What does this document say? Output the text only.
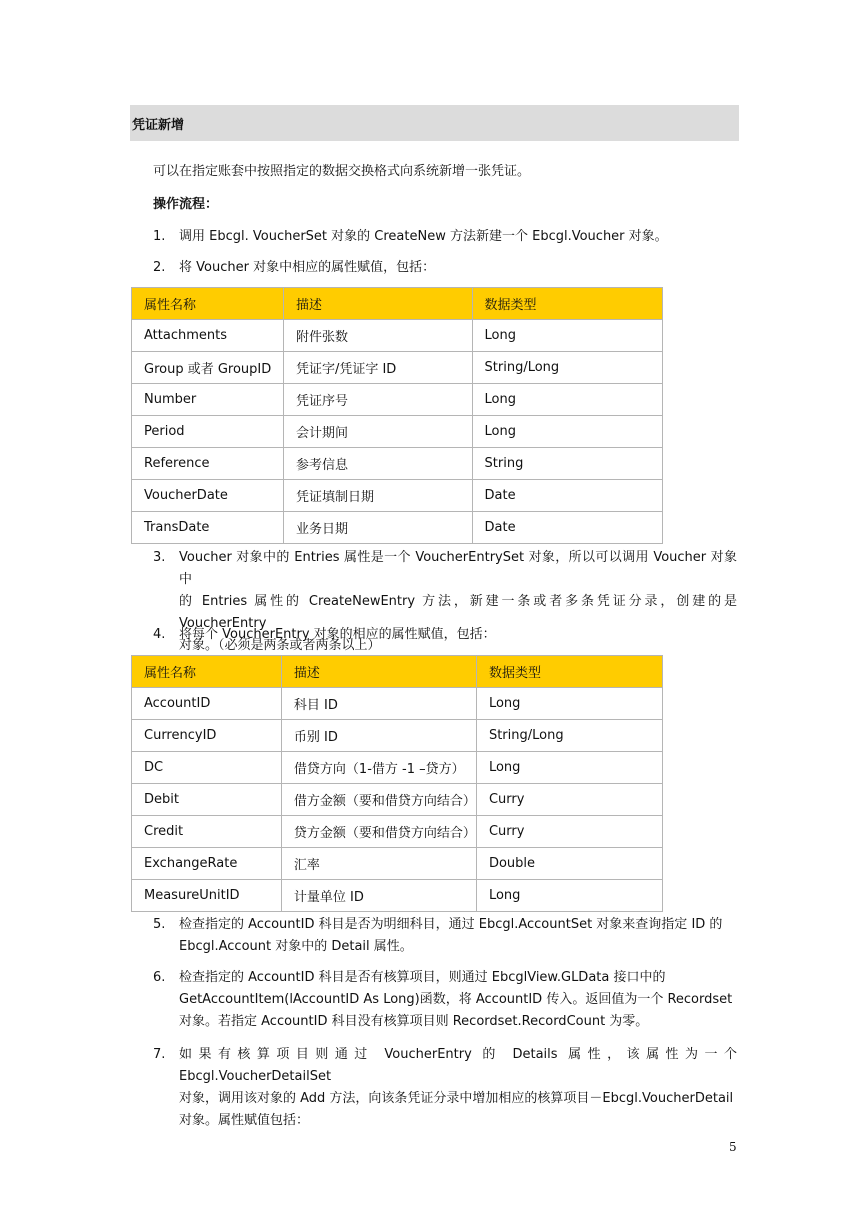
凭证新增
可以在指定账套中按照指定的数据交换格式向系统新增一张凭证。
操作流程：
1.	调用 Ebcgl. VoucherSet 对象的 CreateNew 方法新建一个 Ebcgl.Voucher 对象。
2.	将 Voucher 对象中相应的属性赋值，包括：
属性名称	描述	数据类型
Attachments	附件张数	Long
Group 或者 GroupID	凭证字/凭证字 ID	String/Long
Number	凭证序号	Long
Period	会计期间	Long
Reference	参考信息	String
VoucherDate	凭证填制日期	Date
TransDate	业务日期	Date
3.	Voucher 对象中的 Entries 属性是一个 VoucherEntrySet 对象，所以可以调用 Voucher 对象中
的 Entries 属性的 CreateNewEntry 方法，新建一条或者多条凭证分录，创建的是 VoucherEntry
对象。（必须是两条或者两条以上）
4.	将每个 VoucherEntry 对象的相应的属性赋值，包括：
属性名称	描述	数据类型
AccountID	科目 ID	Long
CurrencyID	币别 ID	String/Long
DC	借贷方向（1-借方 -1 –贷方）	Long
Debit	借方金额（要和借贷方向结合）	Curry
Credit	贷方金额（要和借贷方向结合）	Curry
ExchangeRate	汇率	Double
MeasureUnitID	计量单位 ID	Long
5.	检查指定的 AccountID 科目是否为明细科目，通过 Ebcgl.AccountSet 对象来查询指定 ID 的
Ebcgl.Account 对象中的 Detail 属性。
6.	检查指定的 AccountID 科目是否有核算项目，则通过 EbcglView.GLData 接口中的
GetAccountItem(lAccountID As Long)函数，将 AccountID 传入。返回值为一个 Recordset
对象。若指定 AccountID 科目没有核算项目则 Recordset.RecordCount 为零。
7.	如果有核算项目则通过 VoucherEntry 的 Details 属性，该属性为一个 Ebcgl.VoucherDetailSet
对象，调用该对象的 Add 方法，向该条凭证分录中增加相应的核算项目－Ebcgl.VoucherDetail
对象。属性赋值包括：
5
